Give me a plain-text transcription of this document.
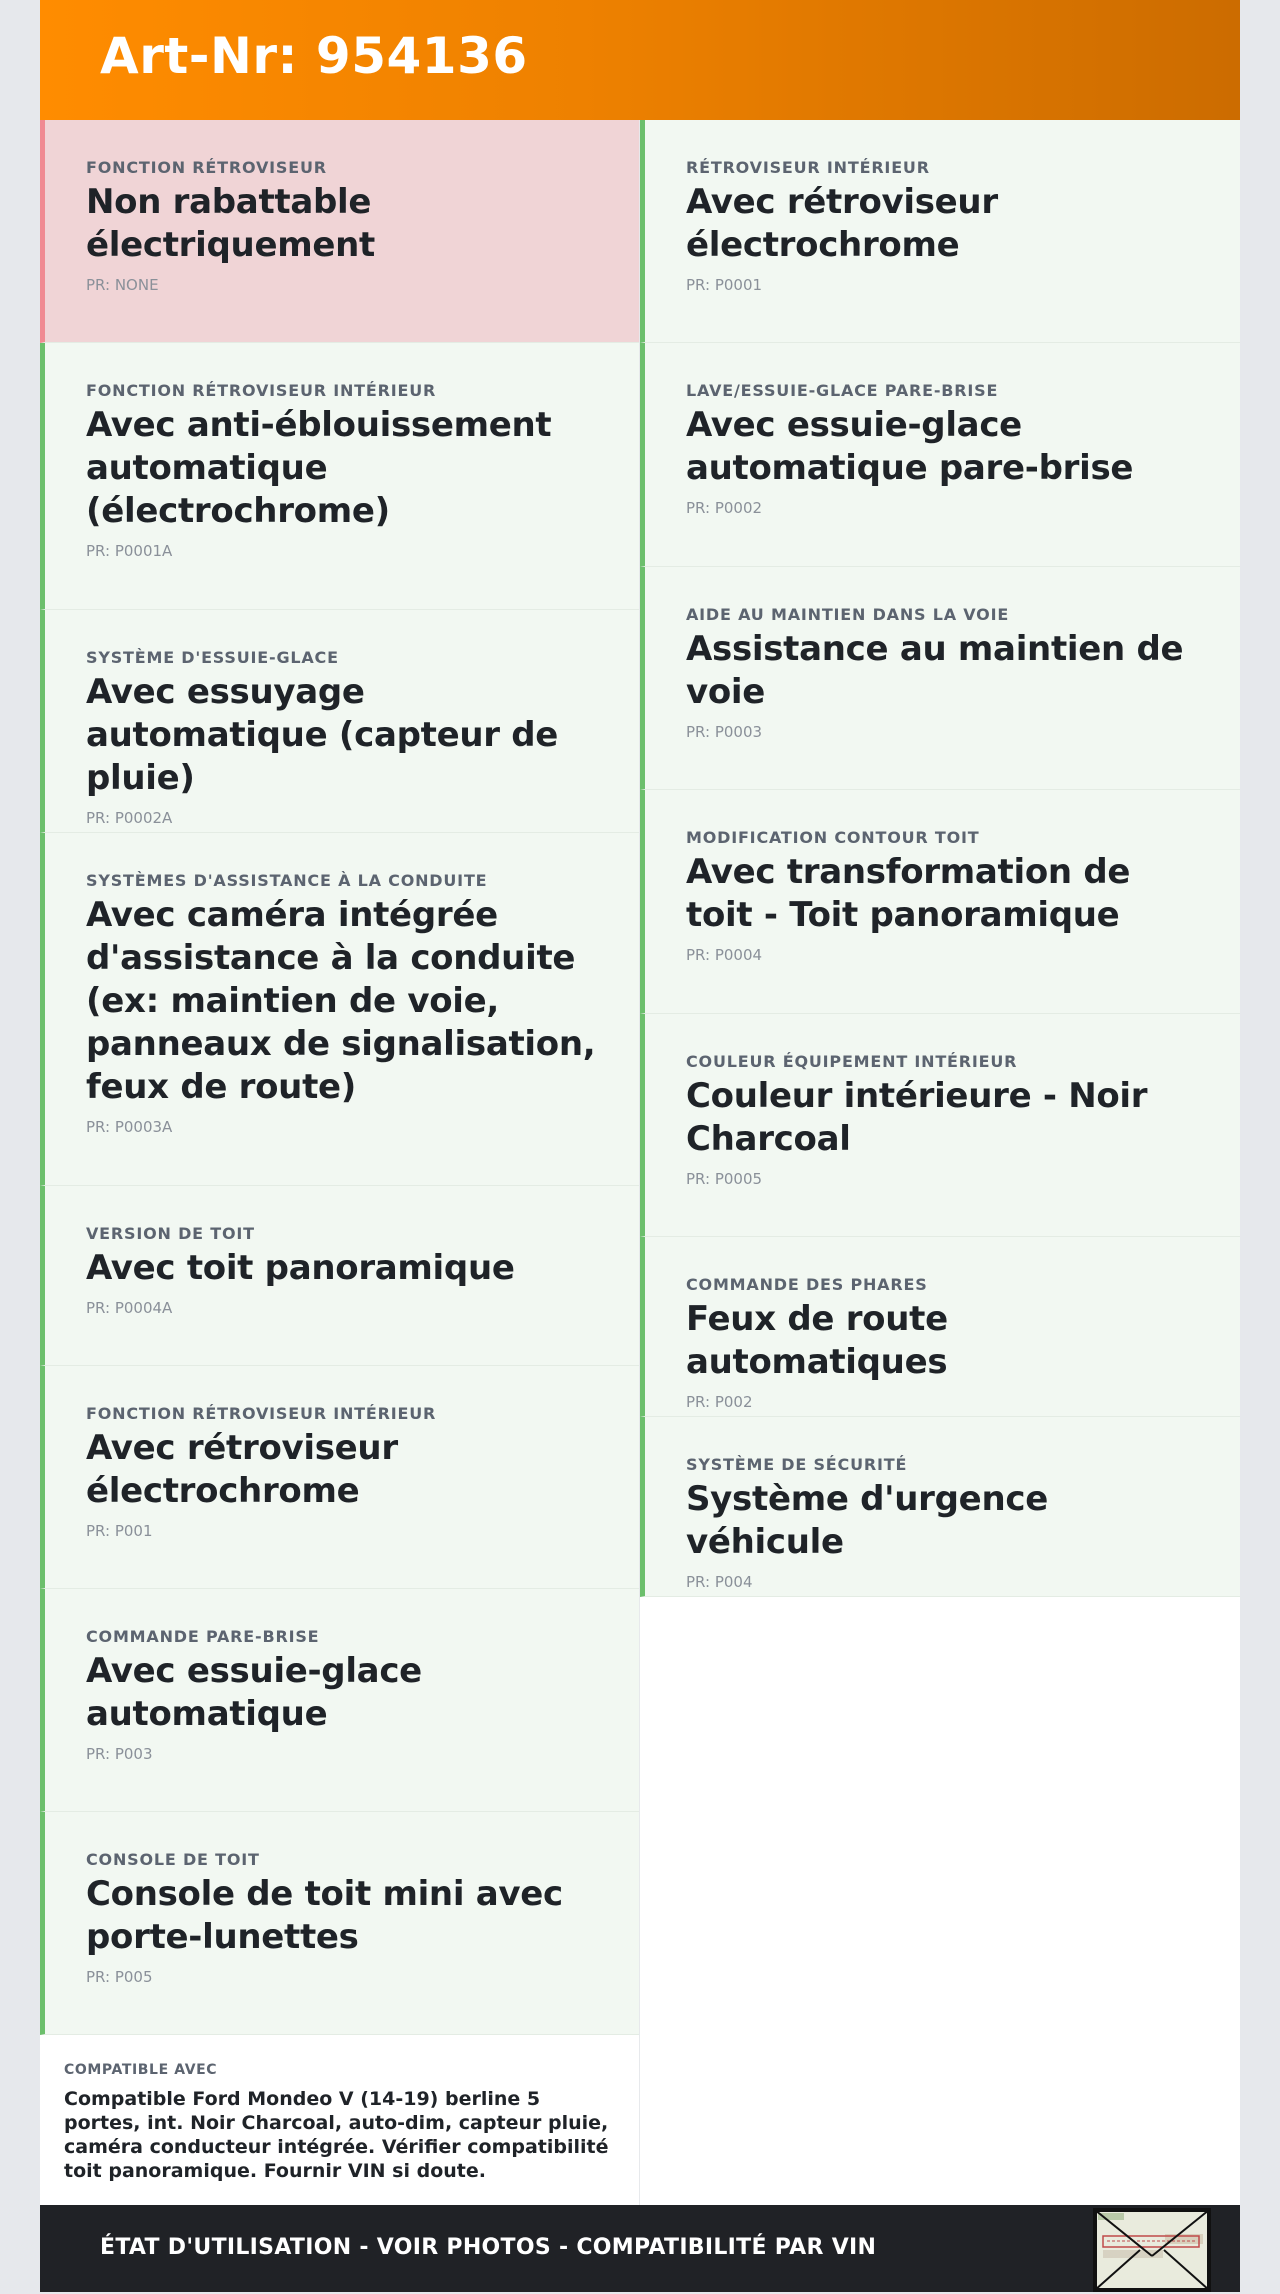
Art-Nr: 954136
FONCTION RÉTROVISEUR
Non rabattable électriquement
PR: NONE
FONCTION RÉTROVISEUR INTÉRIEUR
Avec anti-éblouissement automatique (électrochrome)
PR: P0001A
SYSTÈME D'ESSUIE-GLACE
Avec essuyage automatique (capteur de pluie)
PR: P0002A
SYSTÈMES D'ASSISTANCE À LA CONDUITE
Avec caméra intégrée d'assistance à la conduite (ex: maintien de voie, panneaux de signalisation, feux de route)
PR: P0003A
VERSION DE TOIT
Avec toit panoramique
PR: P0004A
FONCTION RÉTROVISEUR INTÉRIEUR
Avec rétroviseur électrochrome
PR: P001
COMMANDE PARE-BRISE
Avec essuie-glace automatique
PR: P003
CONSOLE DE TOIT
Console de toit mini avec porte-lunettes
PR: P005
RÉTROVISEUR INTÉRIEUR
Avec rétroviseur électrochrome
PR: P0001
LAVE/ESSUIE-GLACE PARE-BRISE
Avec essuie-glace automatique pare-brise
PR: P0002
AIDE AU MAINTIEN DANS LA VOIE
Assistance au maintien de voie
PR: P0003
MODIFICATION CONTOUR TOIT
Avec transformation de toit - Toit panoramique
PR: P0004
COULEUR ÉQUIPEMENT INTÉRIEUR
Couleur intérieure - Noir Charcoal
PR: P0005
COMMANDE DES PHARES
Feux de route automatiques
PR: P002
SYSTÈME DE SÉCURITÉ
Système d'urgence véhicule
PR: P004
COMPATIBLE AVEC
Compatible Ford Mondeo V (14-19) berline 5 portes, int. Noir Charcoal, auto-dim, capteur pluie, caméra conducteur intégrée. Vérifier compatibilité toit panoramique. Fournir VIN si doute.
ÉTAT D'UTILISATION - VOIR PHOTOS - COMPATIBILITÉ PAR VIN
